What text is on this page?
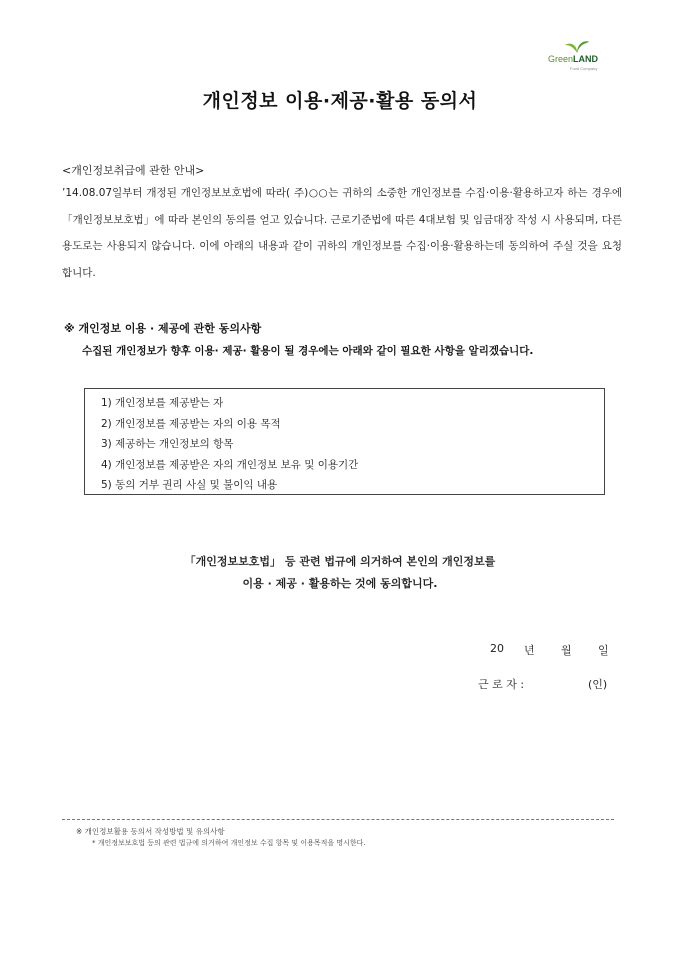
GreenLAND
Food Company
개인정보 이용·제공·활용 동의서
<개인정보취급에 관한 안내>

’14.08.07일부터 개정된 개인정보보호법에 따라( 주)○○는 귀하의 소중한 개인정보를 수집·이용·활용하고자 하는 경우에 「개인정보보호법」에 따라 본인의 동의를 얻고 있습니다. 근로기준법에 따른 4대보험 및 임금대장 작성 시 사용되며, 다른 용도로는 사용되지 않습니다. 이에 아래의 내용과 같이 귀하의 개인정보를 수집·이용·활용하는데 동의하여 주실 것을 요청합니다.

※ 개인정보 이용 · 제공에 관한 동의사항
수집된 개인정보가 향후 이용· 제공· 활용이 될 경우에는 아래와 같이 필요한 사항을 알리겠습니다.
1) 개인정보를 제공받는 자
2) 개인정보를 제공받는 자의 이용 목적
3) 제공하는 개인정보의 항목
4) 개인정보를 제공받은 자의 개인정보 보유 및 이용기간
5) 동의 거부 권리 사실 및 불이익 내용
「개인정보보호법」 등 관련 법규에 의거하여 본인의 개인정보를
이용 · 제공 · 활용하는 것에 동의합니다.
20 년 월 일
근 로 자 :	(인)
※ 개인정보활용 동의서 작성방법 및 유의사항
* 개인정보보호법 등의 관련 법규에 의거하여 개인정보 수집 항목 및 이용목적을 명시한다.
